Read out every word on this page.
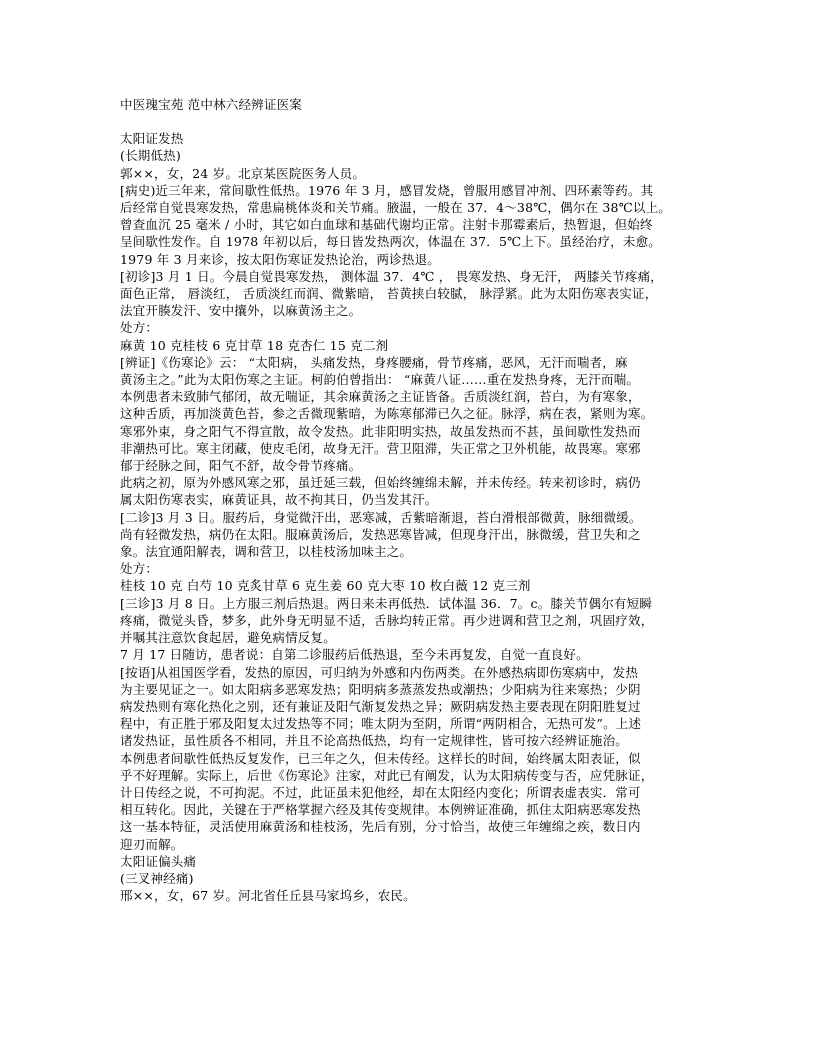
中医瑰宝苑 范中林六经辨证医案
太阳证发热
(长期低热)
郭××，女，24 岁。北京某医院医务人员。
[病史)近三年来，常间歇性低热。1976 年 3 月，感冒发烧，曾服用感冒冲剂、四环素等药。其
后经常自觉畏寒发热，常患扁桃体炎和关节痛。腋温，一般在 37．4～38℃，偶尔在 38℃以上。
曾查血沉 25 毫米 / 小时，其它如白血球和基础代谢均正常。注射卡那霉素后，热暂退，但始终
呈间歇性发作。自 1978 年初以后，每日皆发热两次，体温在 37．5℃上下。虽经治疗，未愈。
1979 年 3 月来诊，按太阳伤寒证发热论治，两诊热退。
[初诊]3 月 1 日。今晨自觉畏寒发热， 测体温 37．4℃ ， 畏寒发热、身无汗， 两膝关节疼痛，
面色正常， 唇淡红， 舌质淡红而润、微紫暗， 苔黄挟白较腻， 脉浮紧。此为太阳伤寒表实证，
法宜开腠发汗、安中攘外，以麻黄汤主之。
处方：
麻黄 10 克桂枝 6 克甘草 18 克杏仁 15 克二剂
[辨证]《伤寒论》云： “太阳病， 头痛发热，身疼腰痛，骨节疼痛，恶风，无汗而喘者，麻
黄汤主之。”此为太阳伤寒之主证。柯韵伯曾指出： “麻黄八证……重在发热身疼，无汗而喘。
本例患者未致肺气郁闭，故无喘证，其余麻黄汤之主证皆备。舌质淡红润，苔白，为有寒象，
这种舌质，再加淡黄色苔，参之舌微现紫暗，为陈寒郁滞已久之征。脉浮，病在表，紧则为寒。
寒邪外束，身之阳气不得宣散，故令发热。此非阳明实热，故虽发热而不甚，虽间歇性发热而
非潮热可比。寒主闭藏，使皮毛闭，故身无汗。营卫阻滞，失正常之卫外机能，故畏寒。寒邪
郁于经脉之间，阳气不舒，故令骨节疼痛。
此病之初，原为外感风寒之邪，虽迁延三载，但始终缠绵未解，并未传经。转来初诊时，病仍
属太阳伤寒表实，麻黄证具，故不拘其日，仍当发其汗。
[二诊]3 月 3 日。服药后，身觉微汗出，恶寒减，舌紫暗渐退，苔白滑根部微黄，脉细微缓。
尚有轻微发热，病仍在太阳。服麻黄汤后，发热恶寒皆减，但现身汗出，脉微缓，营卫失和之
象。法宜通阳解表，调和营卫，以桂枝汤加味主之。
处方：
桂枝 10 克 白芍 10 克炙甘草 6 克生姜 60 克大枣 10 枚白薇 12 克三剂
[三诊]3 月 8 日。上方服三剂后热退。两日来未再低热．试体温 36．7。c。膝关节偶尔有短瞬
疼痛，微觉头昏，梦多，此外身无明显不适，舌脉均转正常。再少进调和营卫之剂，巩固疗效，
并嘱其注意饮食起居，避免病情反复。
7 月 17 日随访，患者说：自第二诊服药后低热退，至今未再复发，自觉一直良好。
[按语]从祖国医学看，发热的原因，可归纳为外感和内伤两类。在外感热病即伤寒病中，发热
为主要见证之一。如太阳病多恶寒发热；阳明病多蒸蒸发热或潮热；少阳病为往来寒热；少阴
病发热则有寒化热化之别，还有兼证及阳气渐复发热之异；厥阴病发热主要表现在阴阳胜复过
程中，有正胜于邪及阳复太过发热等不同；唯太阴为至阴，所谓“两阴相合，无热可发”。上述
诸发热证，虽性质各不相同，并且不论高热低热，均有一定规律性，皆可按六经辨证施治。
本例患者间歇性低热反复发作，已三年之久，但未传经。这样长的时间，始终属太阳表证，似
乎不好理解。实际上，后世《伤寒论》注家，对此已有阐发，认为太阳病传变与否，应凭脉证，
计日传经之说，不可拘泥。不过，此证虽未犯他经，却在太阳经内变化；所谓表虚表实．常可
相互转化。因此，关键在于严格掌握六经及其传变规律。本例辨证准确，抓住太阳病恶寒发热
这一基本特征，灵活使用麻黄汤和桂枝汤，先后有别，分寸恰当，故使三年缠绵之疾，数日内
迎刃而解。
太阳证偏头痛
(三叉神经痛)
邢××，女，67 岁。河北省任丘县马家坞乡，农民。
